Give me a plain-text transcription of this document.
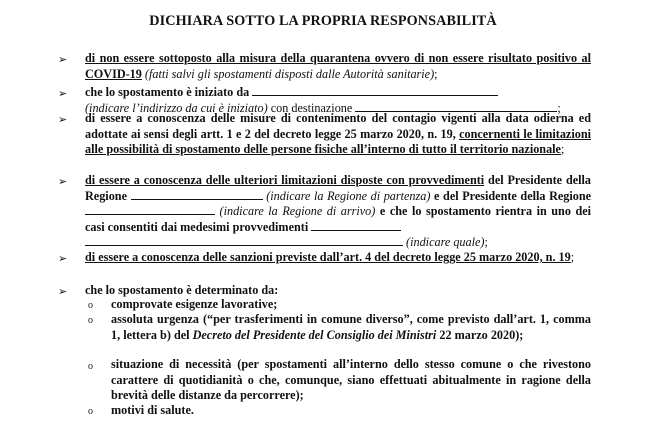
DICHIARA SOTTO LA PROPRIA RESPONSABILITÀ
➢ di non essere sottoposto alla misura della quarantena ovvero di non essere risultato positivo al COVID-19 (fatti salvi gli spostamenti disposti dalle Autorità sanitarie);
➢ che lo spostamento è iniziato da
(indicare l’indirizzo da cui è iniziato) con destinazione	;
➢ di essere a conoscenza delle misure di contenimento del contagio vigenti alla data odierna ed adottate ai sensi degli artt. 1 e 2 del decreto legge 25 marzo 2020, n. 19, concernenti le limitazioni alle possibilità di spostamento delle persone fisiche all’interno di tutto il territorio nazionale;
➢ di essere a conoscenza delle ulteriori limitazioni disposte con provvedimenti del Presidente della Regione	(indicare la Regione di partenza) e del Presidente della Regione  (indicare la Regione di arrivo) e che lo spostamento rientra in uno dei casi consentiti dai medesimi provvedimenti
(indicare quale);
➢ di essere a conoscenza delle sanzioni previste dall’art. 4 del decreto legge 25 marzo 2020, n. 19;
➢ che lo spostamento è determinato da:
o comprovate esigenze lavorative;
o assoluta urgenza (“per trasferimenti in comune diverso”, come previsto dall’art. 1, comma 1, lettera b) del Decreto del Presidente del Consiglio dei Ministri 22 marzo 2020);
o situazione di necessità (per spostamenti all’interno dello stesso comune o che rivestono carattere di quotidianità o che, comunque, siano effettuati abitualmente in ragione della brevità delle distanze da percorrere);
o motivi di salute.
